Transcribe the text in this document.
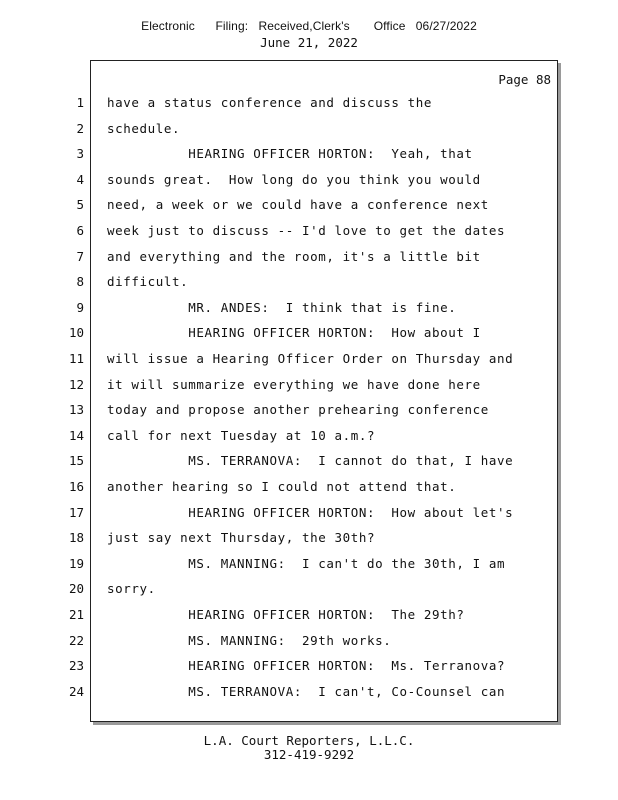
Electronic      Filing:   Received,Clerk's       Office   06/27/2022
June 21, 2022
Page 88
1 have a status conference and discuss the
2 schedule.
3 HEARING OFFICER HORTON:  Yeah, that
4 sounds great.  How long do you think you would
5 need, a week or we could have a conference next
6 week just to discuss -- I'd love to get the dates
7 and everything and the room, it's a little bit
8 difficult.
9 MR. ANDES:  I think that is fine.
10 HEARING OFFICER HORTON:  How about I
11 will issue a Hearing Officer Order on Thursday and
12 it will summarize everything we have done here
13 today and propose another prehearing conference
14 call for next Tuesday at 10 a.m.?
15 MS. TERRANOVA:  I cannot do that, I have
16 another hearing so I could not attend that.
17 HEARING OFFICER HORTON:  How about let's
18 just say next Thursday, the 30th?
19 MS. MANNING:  I can't do the 30th, I am
20 sorry.
21 HEARING OFFICER HORTON:  The 29th?
22 MS. MANNING:  29th works.
23 HEARING OFFICER HORTON:  Ms. Terranova?
24 MS. TERRANOVA:  I can't, Co-Counsel can
L.A. Court Reporters, L.L.C.
312-419-9292
